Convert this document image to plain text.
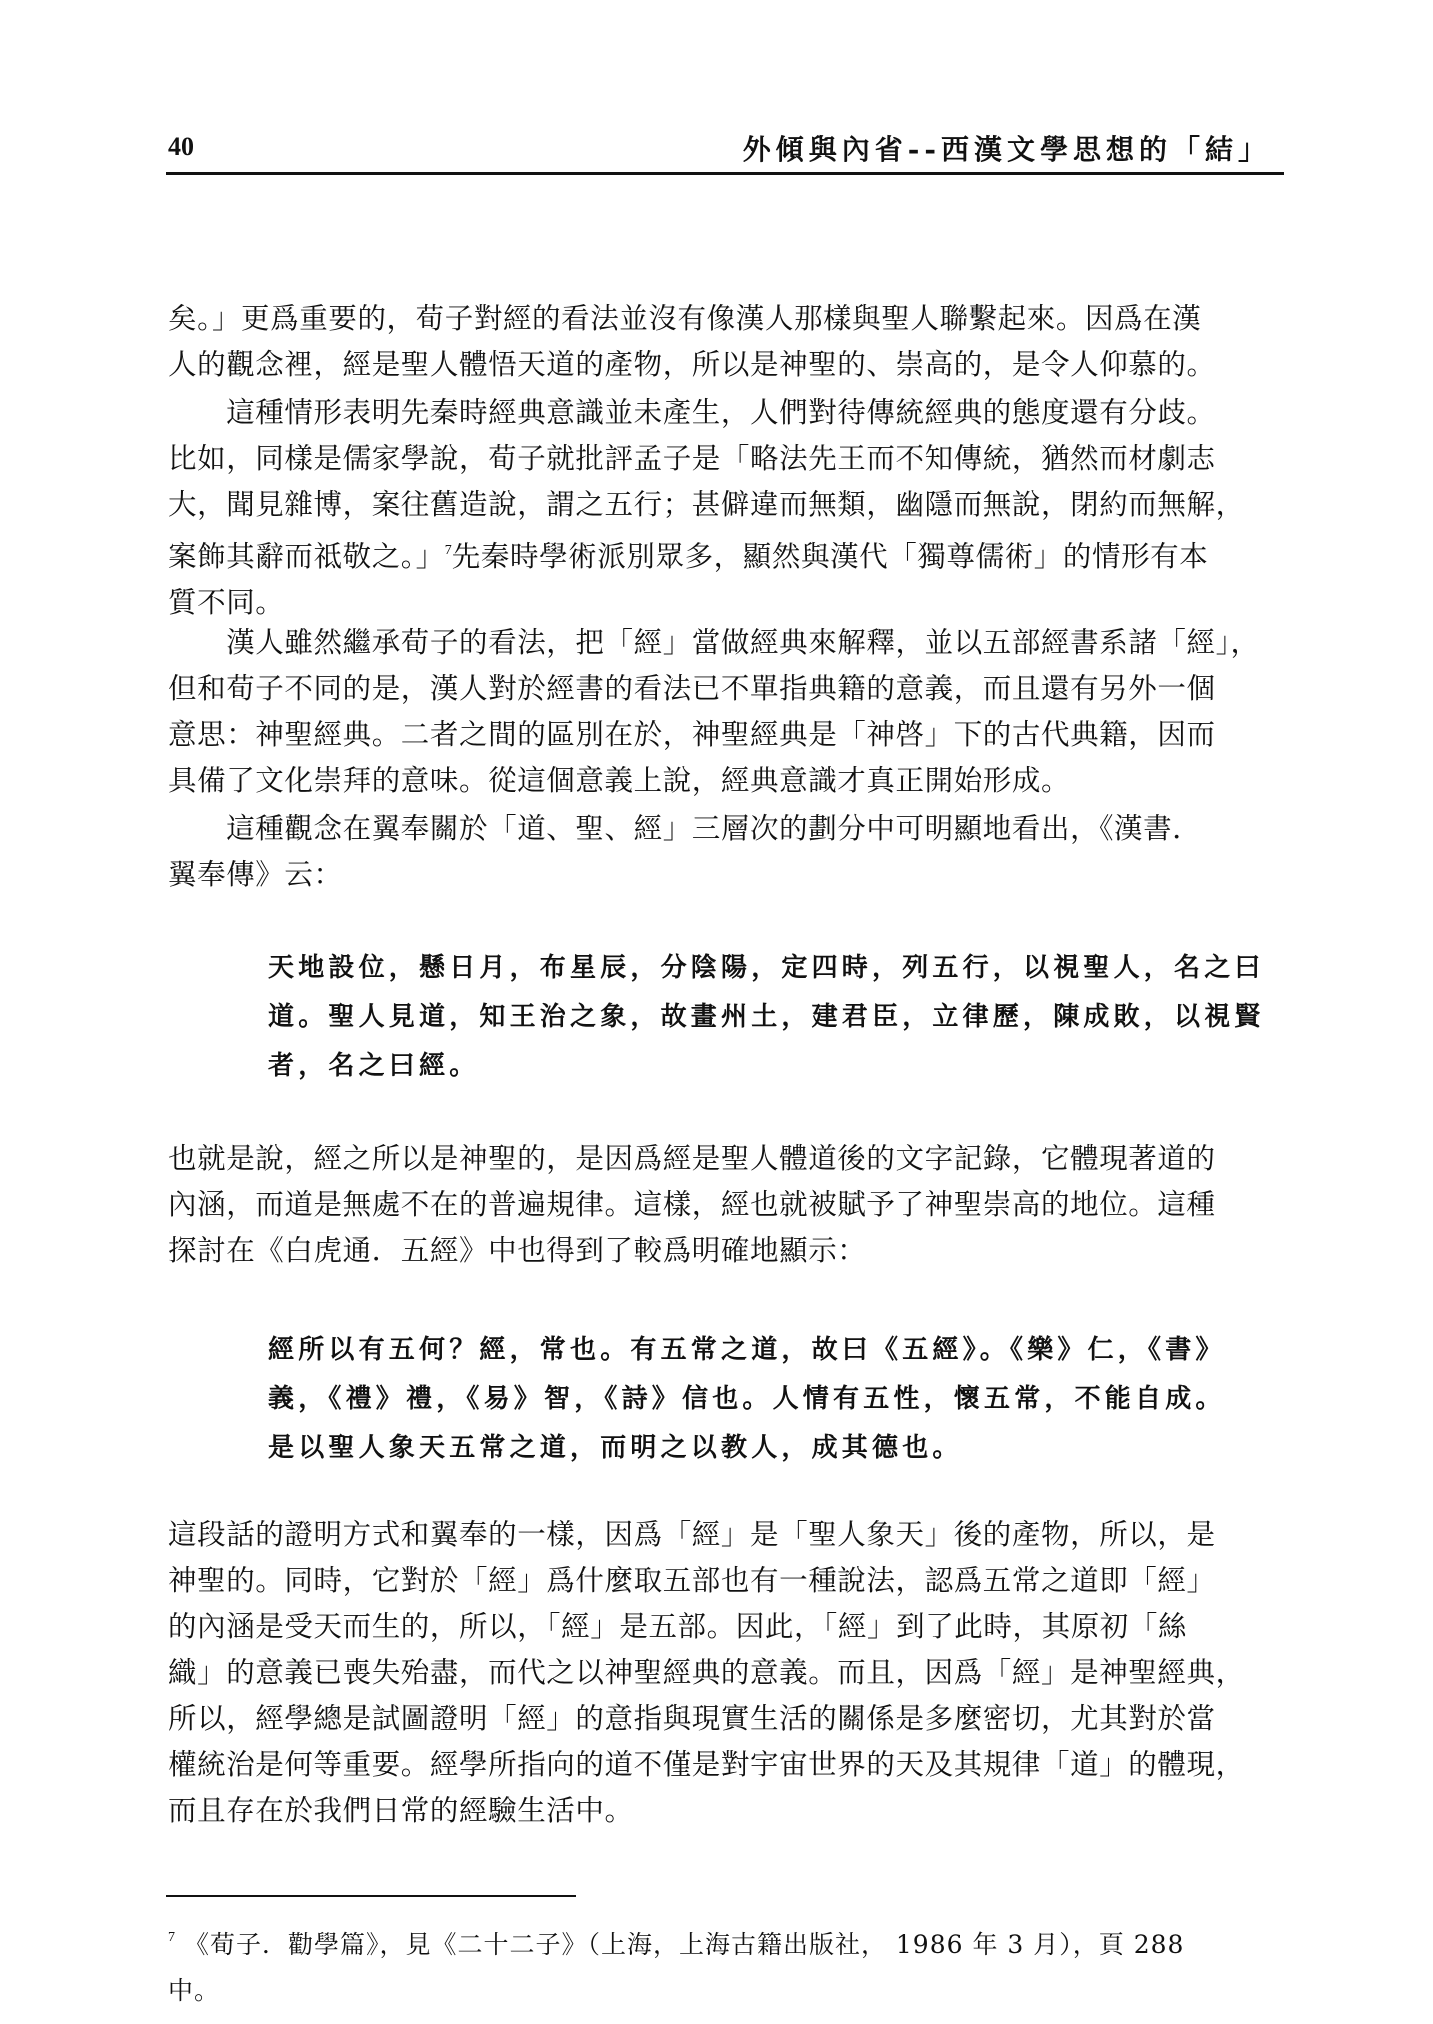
40	外傾與內省--西漢文學思想的「結」

矣。」更爲重要的，荀子對經的看法並沒有像漢人那樣與聖人聯繫起來。因爲在漢
人的觀念裡，經是聖人體悟天道的產物，所以是神聖的、崇高的，是令人仰慕的。

　　這種情形表明先秦時經典意識並未產生，人們對待傳統經典的態度還有分歧。
比如，同樣是儒家學說，荀子就批評孟子是「略法先王而不知傳統，猶然而材劇志
大，聞見雜博，案往舊造說，謂之五行；甚僻違而無類，幽隱而無說，閉約而無解，
案飾其辭而祗敬之。」$^7$先秦時學術派別眾多，顯然與漢代「獨尊儒術」的情形有本
質不同。

　　漢人雖然繼承荀子的看法，把「經」當做經典來解釋，並以五部經書系諸「經」，
但和荀子不同的是，漢人對於經書的看法已不單指典籍的意義，而且還有另外一個
意思：神聖經典。二者之間的區別在於，神聖經典是「神啓」下的古代典籍，因而
具備了文化崇拜的意味。從這個意義上說，經典意識才真正開始形成。

　　這種觀念在翼奉關於「道、聖、經」三層次的劃分中可明顯地看出，《漢書．
翼奉傳》云：

天地設位，懸日月，布星辰，分陰陽，定四時，列五行，以視聖人，名之曰
道。聖人見道，知王治之象，故畫州土，建君臣，立律歷，陳成敗，以視賢
者，名之曰經。

也就是說，經之所以是神聖的，是因爲經是聖人體道後的文字記錄，它體現著道的
內涵，而道是無處不在的普遍規律。這樣，經也就被賦予了神聖崇高的地位。這種
探討在《白虎通．五經》中也得到了較爲明確地顯示：

經所以有五何？經，常也。有五常之道，故曰《五經》。《樂》仁，《書》
義，《禮》禮，《易》智，《詩》信也。人情有五性，懷五常，不能自成。
是以聖人象天五常之道，而明之以教人，成其德也。

這段話的證明方式和翼奉的一樣，因爲「經」是「聖人象天」後的產物，所以，是
神聖的。同時，它對於「經」爲什麼取五部也有一種說法，認爲五常之道即「經」
的內涵是受天而生的，所以，「經」是五部。因此，「經」到了此時，其原初「絲
織」的意義已喪失殆盡，而代之以神聖經典的意義。而且，因爲「經」是神聖經典，
所以，經學總是試圖證明「經」的意指與現實生活的關係是多麼密切，尤其對於當
權統治是何等重要。經學所指向的道不僅是對宇宙世界的天及其規律「道」的體現，
而且存在於我們日常的經驗生活中。

$^7$ 《荀子．勸學篇》，見《二十二子》（上海，上海古籍出版社， 1986 年 3 月），頁 288
中。
